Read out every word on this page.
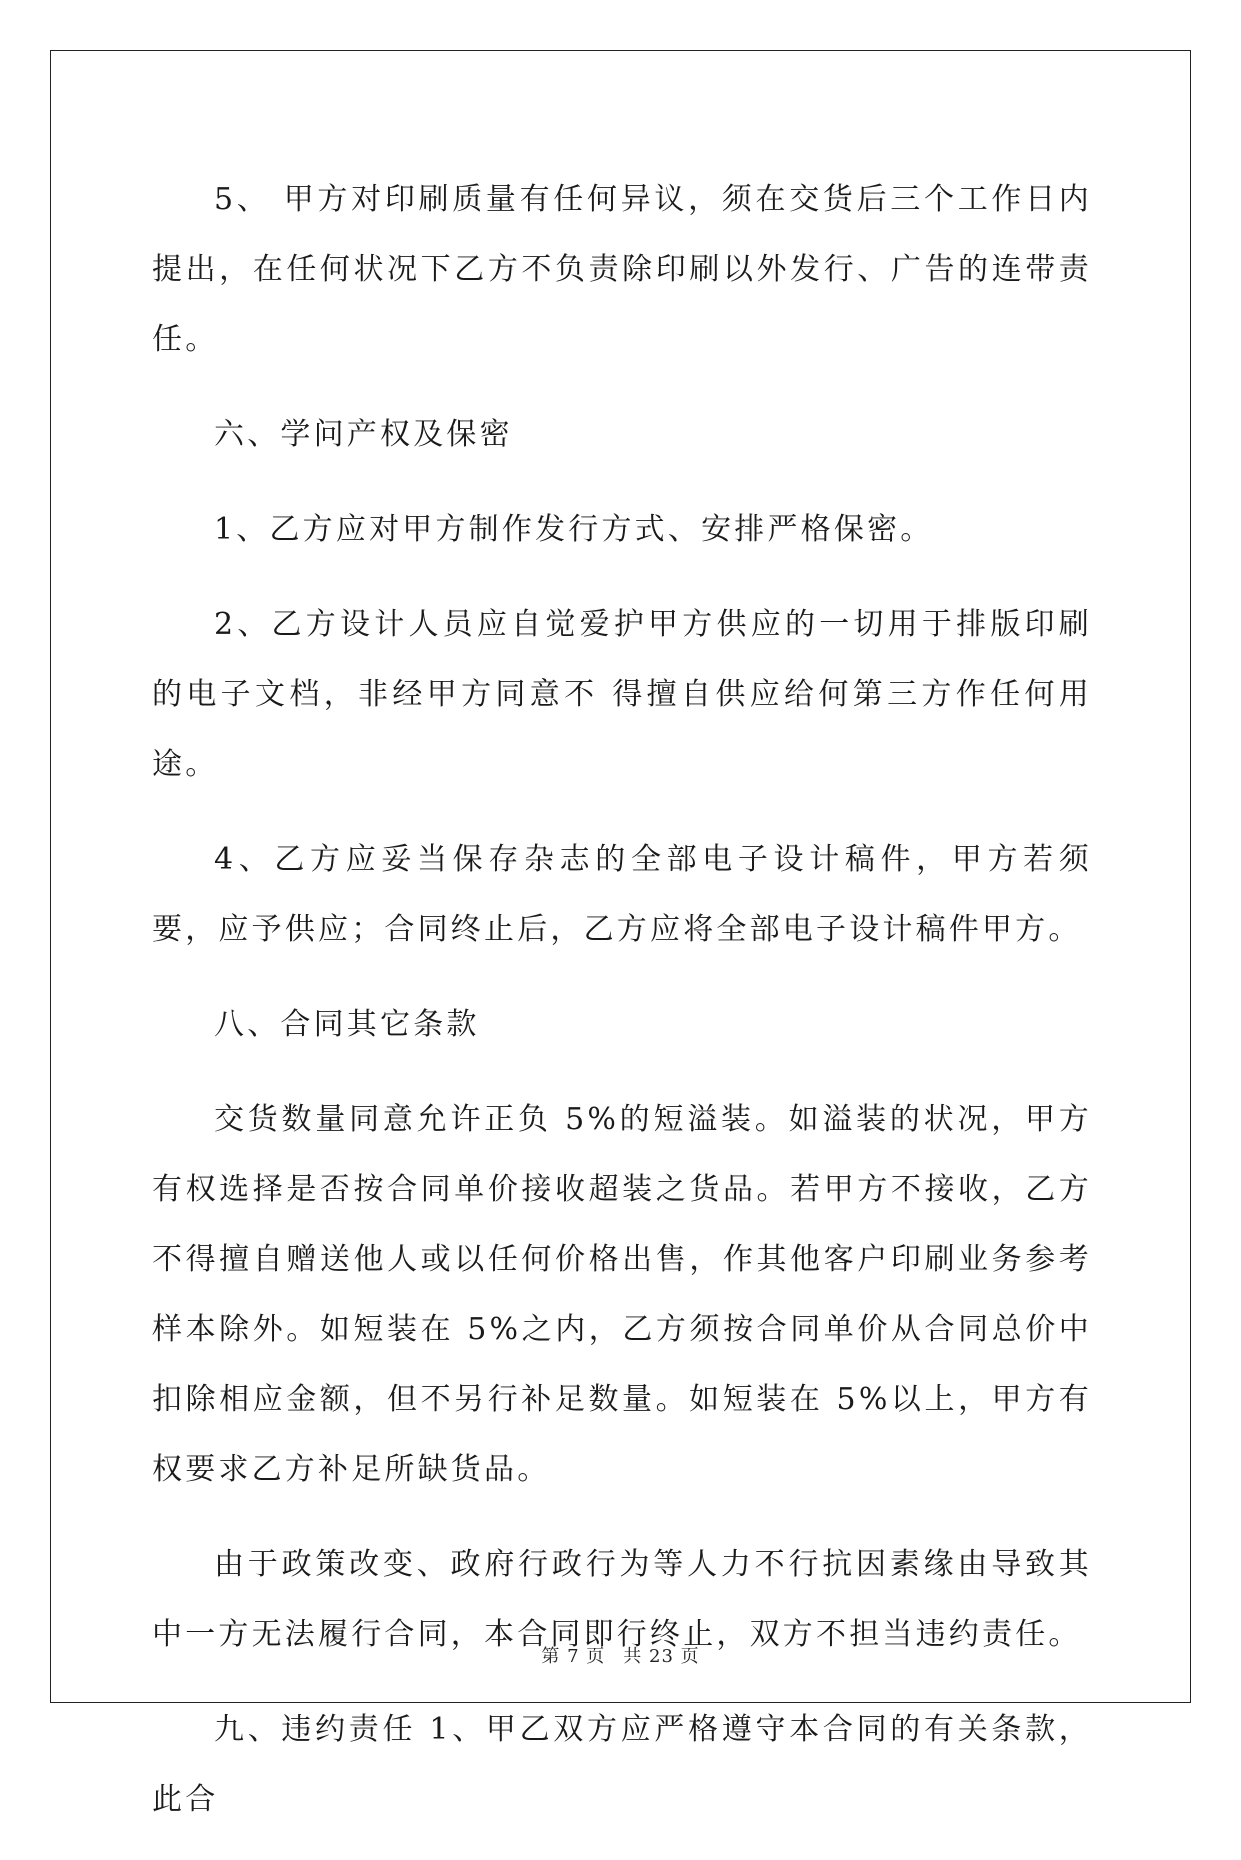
5、 甲方对印刷质量有任何异议，须在交货后三个工作日内提出，在任何状况下乙方不负责除印刷以外发行、广告的连带责任。

六、学问产权及保密

1、乙方应对甲方制作发行方式、安排严格保密。

2、乙方设计人员应自觉爱护甲方供应的一切用于排版印刷的电子文档，非经甲方同意不 得擅自供应给何第三方作任何用途。

4、乙方应妥当保存杂志的全部电子设计稿件，甲方若须要，应予供应；合同终止后，乙方应将全部电子设计稿件甲方。

八、合同其它条款

交货数量同意允许正负 5%的短溢装。如溢装的状况，甲方有权选择是否按合同单价接收超装之货品。若甲方不接收，乙方不得擅自赠送他人或以任何价格出售，作其他客户印刷业务参考样本除外。如短装在 5%之内，乙方须按合同单价从合同总价中扣除相应金额，但不另行补足数量。如短装在 5%以上，甲方有权要求乙方补足所缺货品。

由于政策改变、政府行政行为等人力不行抗因素缘由导致其中一方无法履行合同，本合同即行终止，双方不担当违约责任。

九、违约责任 1、甲乙双方应严格遵守本合同的有关条款，此合

第 7 页 共 23 页
